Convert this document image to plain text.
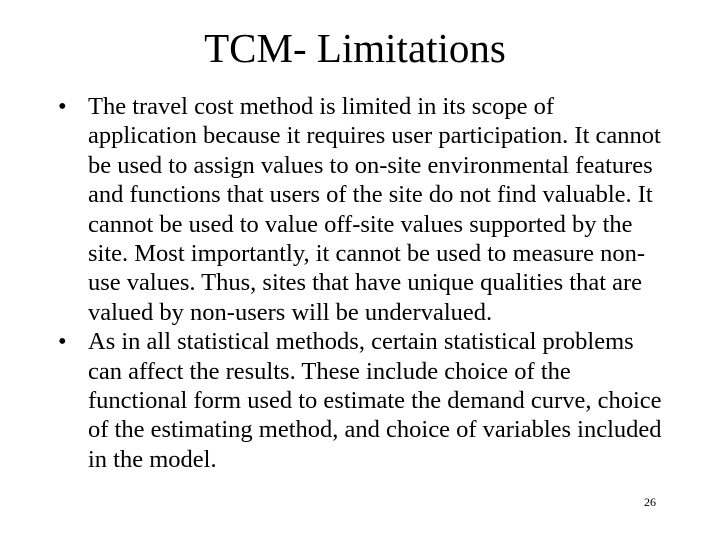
TCM- Limitations
• The travel cost method is limited in its scope of application because it requires user participation. It cannot be used to assign values to on-site environmental features and functions that users of the site do not find valuable. It cannot be used to value off-site values supported by the site. Most importantly, it cannot be used to measure non-use values. Thus, sites that have unique qualities that are valued by non-users will be undervalued.
• As in all statistical methods, certain statistical problems can affect the results. These include choice of the functional form used to estimate the demand curve, choice of the estimating method, and choice of variables included in the model.
26
